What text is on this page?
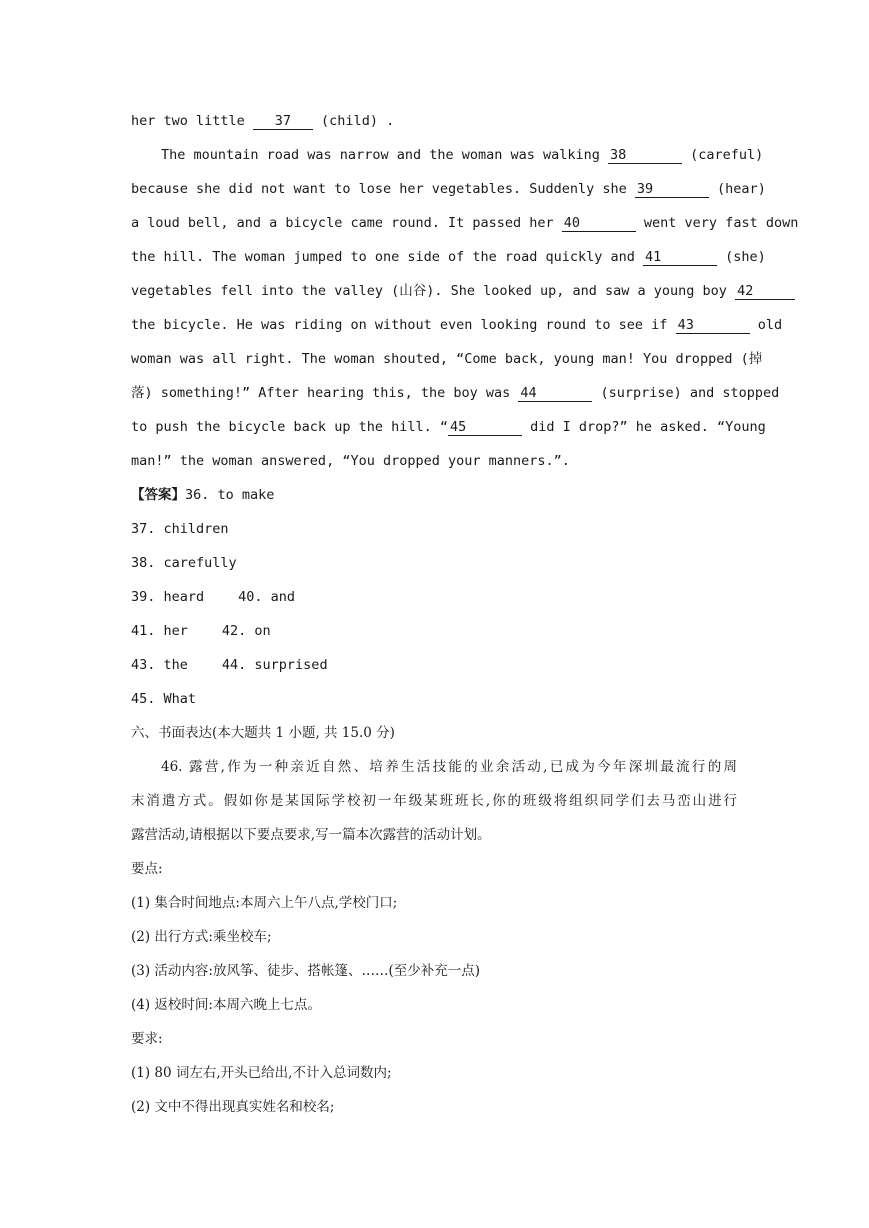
her two little 37 (child) .
The mountain road was narrow and the woman was walking 38	(careful)
because she did not want to lose her vegetables. Suddenly she 39	(hear)
a loud bell, and a bicycle came round. It passed her 40	went very fast down
the hill. The woman jumped to one side of the road quickly and 41	(she)
vegetables fell into the valley (山谷). She looked up, and saw a young boy 42
the bicycle. He was riding on without even looking round to see if 43	old
woman was all right. The woman shouted, “Come back, young man! You dropped (掉
落) something!” After hearing this, the boy was 44	(surprise) and stopped
to push the bicycle back up the hill. “ 45	did I drop?” he asked. “Young
man!” the woman answered, “You dropped your manners.”.
【答案】36. to make
37. children
38. carefully
39. heard	40. and
41. her	42. on
43. the	44. surprised
45. What
六、书面表达(本大题共 1 小题, 共 15.0 分)
46. 露营,作为一种亲近自然、培养生活技能的业余活动,已成为今年深圳最流行的周
末消遣方式。假如你是某国际学校初一年级某班班长,你的班级将组织同学们去马峦山进行
露营活动,请根据以下要点要求,写一篇本次露营的活动计划。
要点:
(1) 集合时间地点:本周六上午八点,学校门口;
(2) 出行方式:乘坐校车;
(3) 活动内容:放风筝、徒步、搭帐篷、……(至少补充一点)
(4) 返校时间:本周六晚上七点。
要求:
(1) 80 词左右,开头已给出,不计入总词数内;
(2) 文中不得出现真实姓名和校名;
